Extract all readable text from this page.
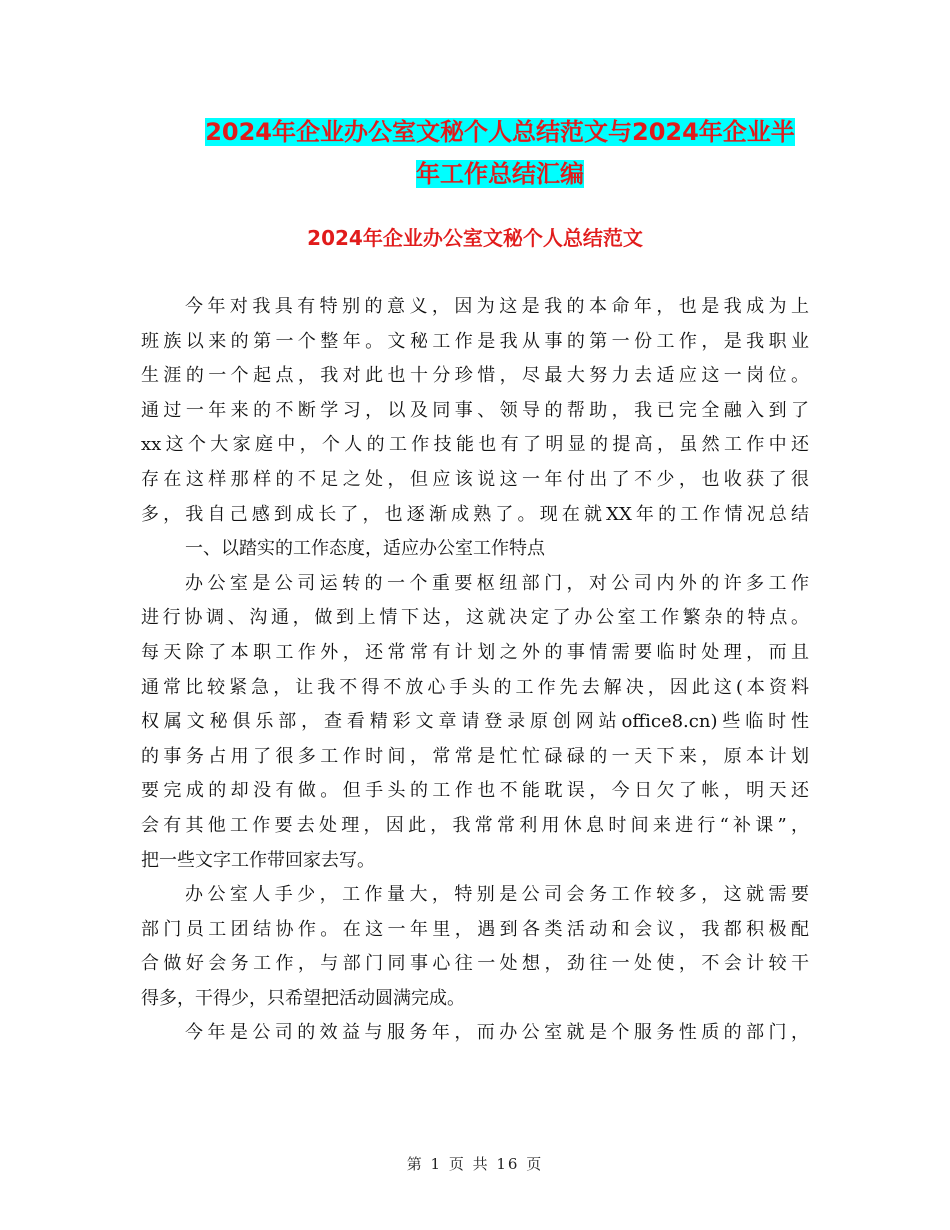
2024年企业办公室文秘个人总结范文与2024年企业半
年工作总结汇编
2024年企业办公室文秘个人总结范文
今年对我具有特别的意义，因为这是我的本命年，也是我成为上
班族以来的第一个整年。文秘工作是我从事的第一份工作，是我职业
生涯的一个起点，我对此也十分珍惜，尽最大努力去适应这一岗位。
通过一年来的不断学习，以及同事、领导的帮助，我已完全融入到了
xx这个大家庭中，个人的工作技能也有了明显的提高，虽然工作中还
存在这样那样的不足之处，但应该说这一年付出了不少，也收获了很
多，我自己感到成长了，也逐渐成熟了。现在就XX年的工作情况总结
一、以踏实的工作态度，适应办公室工作特点
办公室是公司运转的一个重要枢纽部门，对公司内外的许多工作
进行协调、沟通，做到上情下达，这就决定了办公室工作繁杂的特点。
每天除了本职工作外，还常常有计划之外的事情需要临时处理，而且
通常比较紧急，让我不得不放心手头的工作先去解决，因此这(本资料
权属文秘俱乐部，查看精彩文章请登录原创网站office8.cn)些临时性
的事务占用了很多工作时间，常常是忙忙碌碌的一天下来，原本计划
要完成的却没有做。但手头的工作也不能耽误，今日欠了帐，明天还
会有其他工作要去处理，因此，我常常利用休息时间来进行“补课”，
把一些文字工作带回家去写。
办公室人手少，工作量大，特别是公司会务工作较多，这就需要
部门员工团结协作。在这一年里，遇到各类活动和会议，我都积极配
合做好会务工作，与部门同事心往一处想，劲往一处使，不会计较干
得多，干得少，只希望把活动圆满完成。
今年是公司的效益与服务年，而办公室就是个服务性质的部门，
第 1 页 共 16 页
